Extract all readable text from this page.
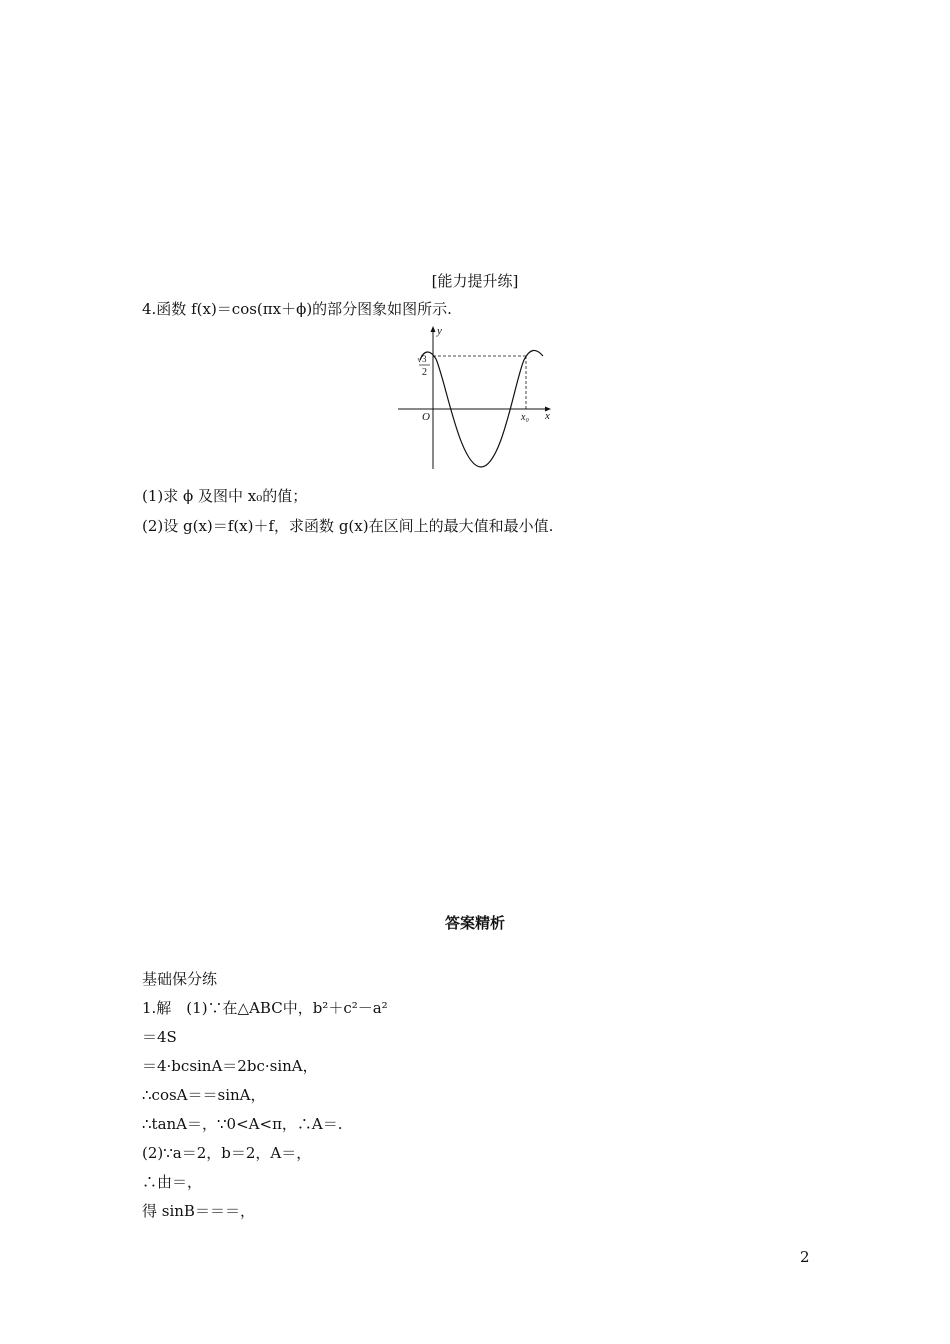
[能力提升练]
4.函数 f(x)＝cos(πx＋ϕ)的部分图象如图所示.
y
x
O
√3
2
x₀
(1)求 ϕ 及图中 x₀的值；
(2)设 g(x)＝f(x)＋f，求函数 g(x)在区间上的最大值和最小值.
答案精析
基础保分练
1.解　(1)∵在△ABC中，b²＋c²－a²
＝4S
＝4·bcsinA＝2bc·sinA，
∴cosA＝＝sinA，
∴tanA＝，∵0<A<π，∴A＝.
(2)∵a＝2，b＝2，A＝，
∴由＝，
得 sinB＝＝＝，
2
